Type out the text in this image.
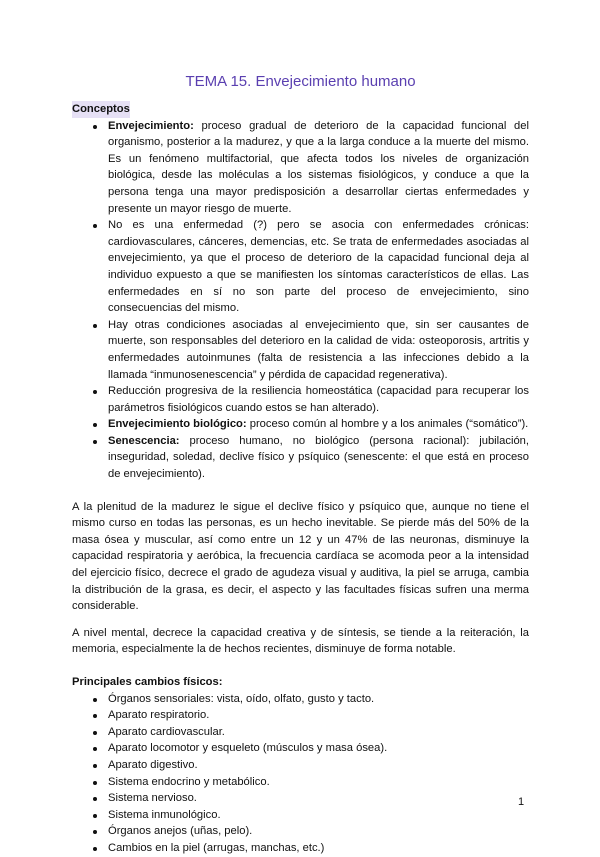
TEMA 15. Envejecimiento humano
Conceptos
Envejecimiento: proceso gradual de deterioro de la capacidad funcional del organismo, posterior a la madurez, y que a la larga conduce a la muerte del mismo. Es un fenómeno multifactorial, que afecta todos los niveles de organización biológica, desde las moléculas a los sistemas fisiológicos, y conduce a que la persona tenga una mayor predisposición a desarrollar ciertas enfermedades y presente un mayor riesgo de muerte.
No es una enfermedad (?) pero se asocia con enfermedades crónicas: cardiovasculares, cánceres, demencias, etc. Se trata de enfermedades asociadas al envejecimiento, ya que el proceso de deterioro de la capacidad funcional deja al individuo expuesto a que se manifiesten los síntomas característicos de ellas. Las enfermedades en sí no son parte del proceso de envejecimiento, sino consecuencias del mismo.
Hay otras condiciones asociadas al envejecimiento que, sin ser causantes de muerte, son responsables del deterioro en la calidad de vida: osteoporosis, artritis y enfermedades autoinmunes (falta de resistencia a las infecciones debido a la llamada “inmunosenescencia” y pérdida de capacidad regenerativa).
Reducción progresiva de la resiliencia homeostática (capacidad para recuperar los parámetros fisiológicos cuando estos se han alterado).
Envejecimiento biológico: proceso común al hombre y a los animales (“somático”).
Senescencia: proceso humano, no biológico (persona racional): jubilación, inseguridad, soledad, declive físico y psíquico (senescente: el que está en proceso de envejecimiento).

A la plenitud de la madurez le sigue el declive físico y psíquico que, aunque no tiene el mismo curso en todas las personas, es un hecho inevitable. Se pierde más del 50% de la masa ósea y muscular, así como entre un 12 y un 47% de las neuronas, disminuye la capacidad respiratoria y aeróbica, la frecuencia cardíaca se acomoda peor a la intensidad del ejercicio físico, decrece el grado de agudeza visual y auditiva, la piel se arruga, cambia la distribución de la grasa, es decir, el aspecto y las facultades físicas sufren una merma considerable.

A nivel mental, decrece la capacidad creativa y de síntesis, se tiende a la reiteración, la memoria, especialmente la de hechos recientes, disminuye de forma notable.

Principales cambios físicos:
Órganos sensoriales: vista, oído, olfato, gusto y tacto.
Aparato respiratorio.
Aparato cardiovascular.
Aparato locomotor y esqueleto (músculos y masa ósea).
Aparato digestivo.
Sistema endocrino y metabólico.
Sistema nervioso.
Sistema inmunológico.
Órganos anejos (uñas, pelo).
Cambios en la piel (arrugas, manchas, etc.)
1
